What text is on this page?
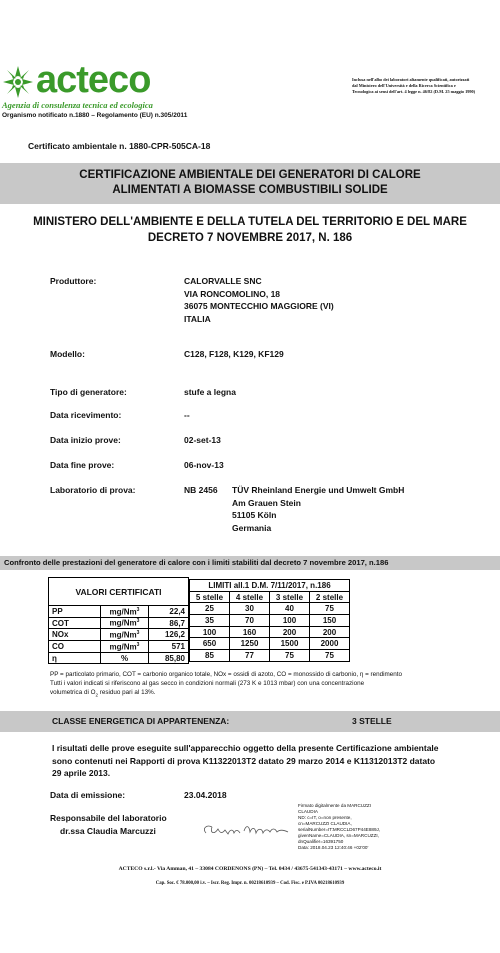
acteco
Agenzia di consulenza tecnica ed ecologica
Organismo notificato n.1880 – Regolamento (EU) n.305/2011
Inclusa nell'albo dei laboratori altamente qualificati, autorizzati
dal Ministero dell'Università e della Ricerca Scientifica e
Tecnologica ai sensi dell'art. 4 legge n. 46/82 (D.M. 25 maggio 1990)
Certificato ambientale n. 1880-CPR-505CA-18
CERTIFICAZIONE AMBIENTALE DEI GENERATORI DI CALORE
ALIMENTATI A BIOMASSE COMBUSTIBILI SOLIDE
MINISTERO DELL'AMBIENTE E DELLA TUTELA DEL TERRITORIO E DEL MARE
DECRETO 7 NOVEMBRE 2017, N. 186
Produttore:	CALORVALLE SNC
VIA RONCOMOLINO, 18
36075 MONTECCHIO MAGGIORE (VI)
ITALIA
Modello:	C128, F128, K129, KF129
Tipo di generatore:	stufe a legna
Data ricevimento:	--
Data inizio prove:	02-set-13
Data fine prove:	06-nov-13
Laboratorio di prova:	NB 2456 TÜV Rheinland Energie und Umwelt GmbH
Am Grauen Stein
51105 Köln
Germania
Confronto delle prestazioni del generatore di calore con i limiti stabiliti dal decreto 7 novembre 2017, n.186
VALORI CERTIFICATI		
PP	mg/Nm$^3$	22,4
COT	mg/Nm$^3$	86,7
NOx	mg/Nm$^3$	126,2
CO	mg/Nm$^3$	571
η	%	85,80
LIMITI all.1 D.M. 7/11/2017, n.186			
5 stelle	4 stelle	3 stelle	2 stelle
25	30	40	75
35	70	100	150
100	160	200	200
650	1250	1500	2000
85	77	75	75
PP = particolato primario, COT = carbonio organico totale, NOx = ossidi di azoto, CO = monossido di carbonio, η = rendimento
Tutti i valori indicati si riferiscono al gas secco in condizioni normali (273 K e 1013 mbar) con una concentrazione
volumetrica di $O_2$ residuo pari al 13%.
CLASSE ENERGETICA DI APPARTENENZA:	3 STELLE
I risultati delle prove eseguite sull'apparecchio oggetto della presente Certificazione ambientale
sono contenuti nei Rapporti di prova K11322013T2 datato 29 marzo 2014 e K11312013T2 datato
29 aprile 2013.
Data di emissione:	23.04.2018
Responsabile del laboratorio
dr.ssa Claudia Marcuzzi
Firmato digitalmente da MARCUZZI
CLAUDIA
ND: c=IT, o=non presente,
cn=MARCUZZI CLAUDIA,
serialNumber=IT:MRCCLD67P44E889J,
givenName=CLAUDIA, sn=MARCUZZI,
dnQualifier=16391750
Data: 2018.04.23 12:40:46 +02'00'
ACTECO s.r.l.- Via Amman, 41 – 33084 CORDENONS (PN) – Tel. 0434 / 43675-541343-43171 – www.acteco.it
Cap. Soc. € 78.000,00 i.v. – Iscr. Reg. Impr. n. 00218610939 – Cod. Fisc. e P.IVA 00218610939
